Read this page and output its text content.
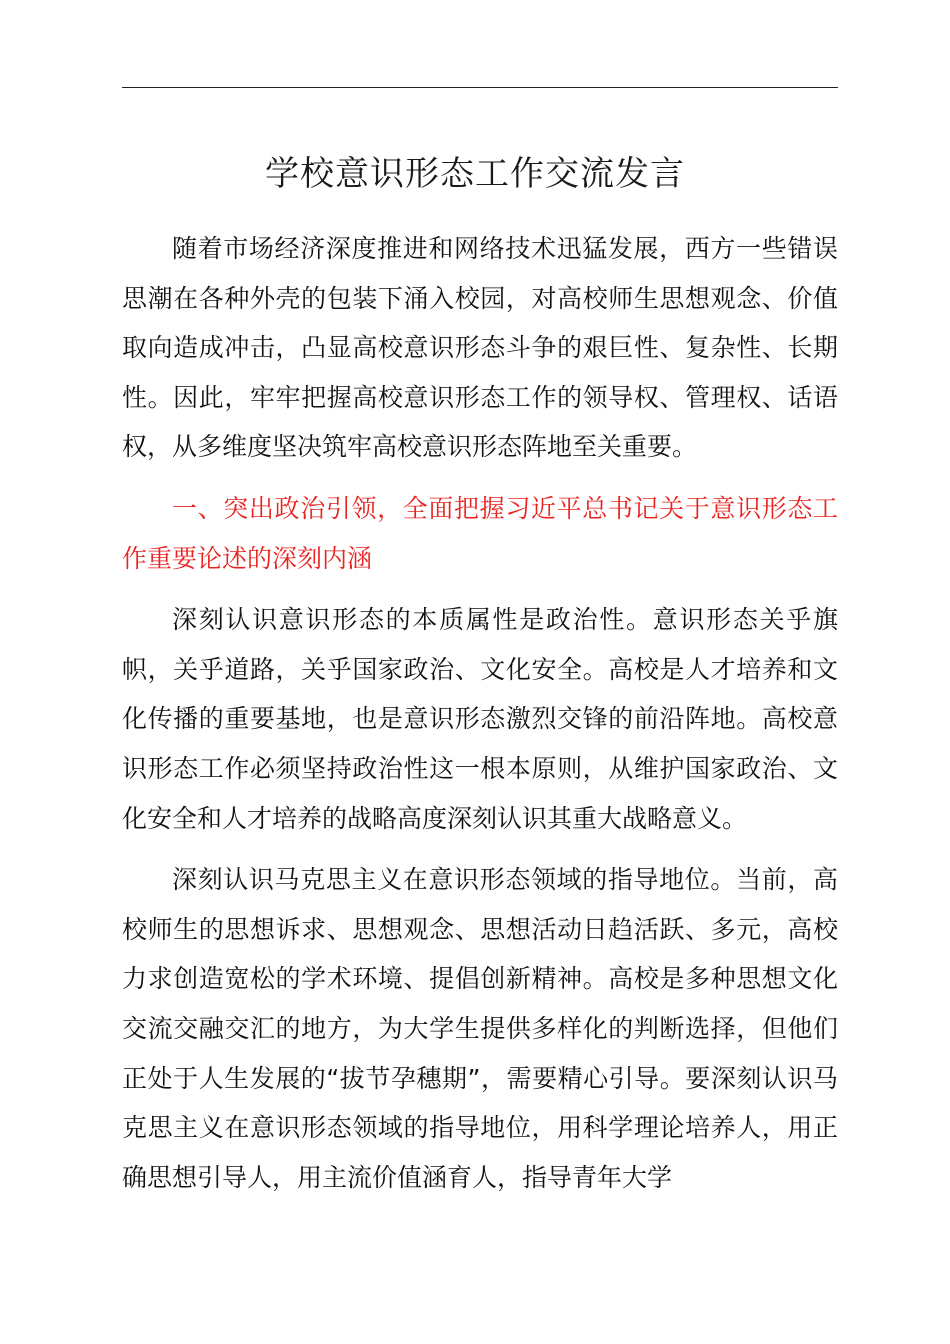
学校意识形态工作交流发言

随着市场经济深度推进和网络技术迅猛发展，西方一些错误思潮在各种外壳的包装下涌入校园，对高校师生思想观念、价值取向造成冲击，凸显高校意识形态斗争的艰巨性、复杂性、长期性。因此，牢牢把握高校意识形态工作的领导权、管理权、话语权，从多维度坚决筑牢高校意识形态阵地至关重要。

一、突出政治引领，全面把握习近平总书记关于意识形态工作重要论述的深刻内涵

深刻认识意识形态的本质属性是政治性。意识形态关乎旗帜，关乎道路，关乎国家政治、文化安全。高校是人才培养和文化传播的重要基地，也是意识形态激烈交锋的前沿阵地。高校意识形态工作必须坚持政治性这一根本原则，从维护国家政治、文化安全和人才培养的战略高度深刻认识其重大战略意义。

深刻认识马克思主义在意识形态领域的指导地位。当前，高校师生的思想诉求、思想观念、思想活动日趋活跃、多元，高校力求创造宽松的学术环境、提倡创新精神。高校是多种思想文化交流交融交汇的地方，为大学生提供多样化的判断选择，但他们正处于人生发展的“拔节孕穗期”，需要精心引导。要深刻认识马克思主义在意识形态领域的指导地位，用科学理论培养人，用正确思想引导人，用主流价值涵育人，指导青年大学
